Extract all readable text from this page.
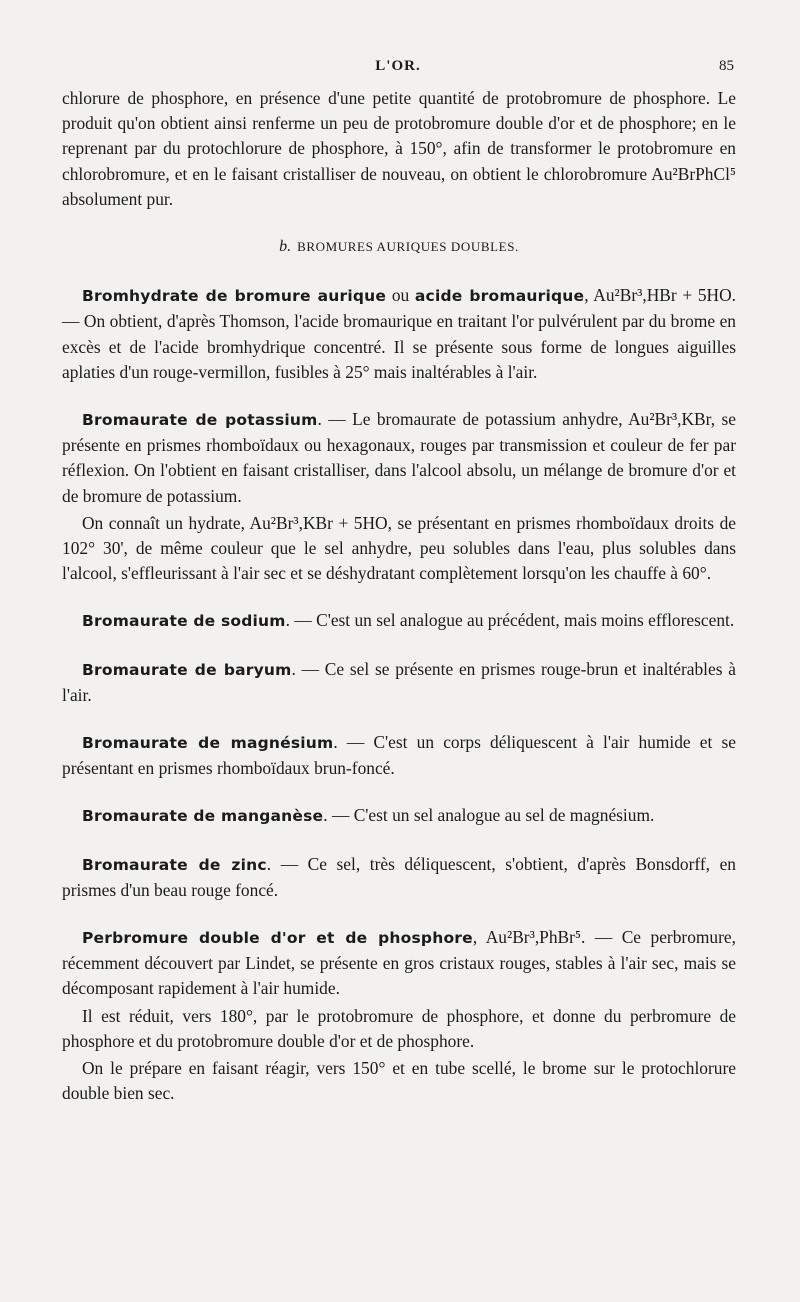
L'OR.	85

chlorure de phosphore, en présence d'une petite quantité de protobromure de phosphore. Le produit qu'on obtient ainsi renferme un peu de protobromure double d'or et de phosphore; en le reprenant par du protochlorure de phosphore, à 150°, afin de transformer le protobromure en chlorobromure, et en le faisant cristalliser de nouveau, on obtient le chlorobromure Au²BrPhCl⁵ absolument pur.

b. BROMURES AURIQUES DOUBLES.

Bromhydrate de bromure aurique ou acide bromaurique, Au²Br³,HBr + 5HO. — On obtient, d'après Thomson, l'acide bromaurique en traitant l'or pulvérulent par du brome en excès et de l'acide bromhydrique concentré. Il se présente sous forme de longues aiguilles aplaties d'un rouge-vermillon, fusibles à 25° mais inaltérables à l'air.

Bromaurate de potassium. — Le bromaurate de potassium anhydre, Au²Br³,KBr, se présente en prismes rhomboïdaux ou hexagonaux, rouges par transmission et couleur de fer par réflexion. On l'obtient en faisant cristalliser, dans l'alcool absolu, un mélange de bromure d'or et de bromure de potassium.

On connaît un hydrate, Au²Br³,KBr + 5HO, se présentant en prismes rhomboïdaux droits de 102° 30', de même couleur que le sel anhydre, peu solubles dans l'eau, plus solubles dans l'alcool, s'effleurissant à l'air sec et se déshydratant complètement lorsqu'on les chauffe à 60°.

Bromaurate de sodium. — C'est un sel analogue au précédent, mais moins efflorescent.

Bromaurate de baryum. — Ce sel se présente en prismes rouge-brun et inaltérables à l'air.

Bromaurate de magnésium. — C'est un corps déliquescent à l'air humide et se présentant en prismes rhomboïdaux brun-foncé.

Bromaurate de manganèse. — C'est un sel analogue au sel de magnésium.

Bromaurate de zinc. — Ce sel, très déliquescent, s'obtient, d'après Bonsdorff, en prismes d'un beau rouge foncé.

Perbromure double d'or et de phosphore, Au²Br³,PhBr⁵. — Ce perbromure, récemment découvert par Lindet, se présente en gros cristaux rouges, stables à l'air sec, mais se décomposant rapidement à l'air humide.

Il est réduit, vers 180°, par le protobromure de phosphore, et donne du perbromure de phosphore et du protobromure double d'or et de phosphore.

On le prépare en faisant réagir, vers 150° et en tube scellé, le brome sur le protochlorure double bien sec.
